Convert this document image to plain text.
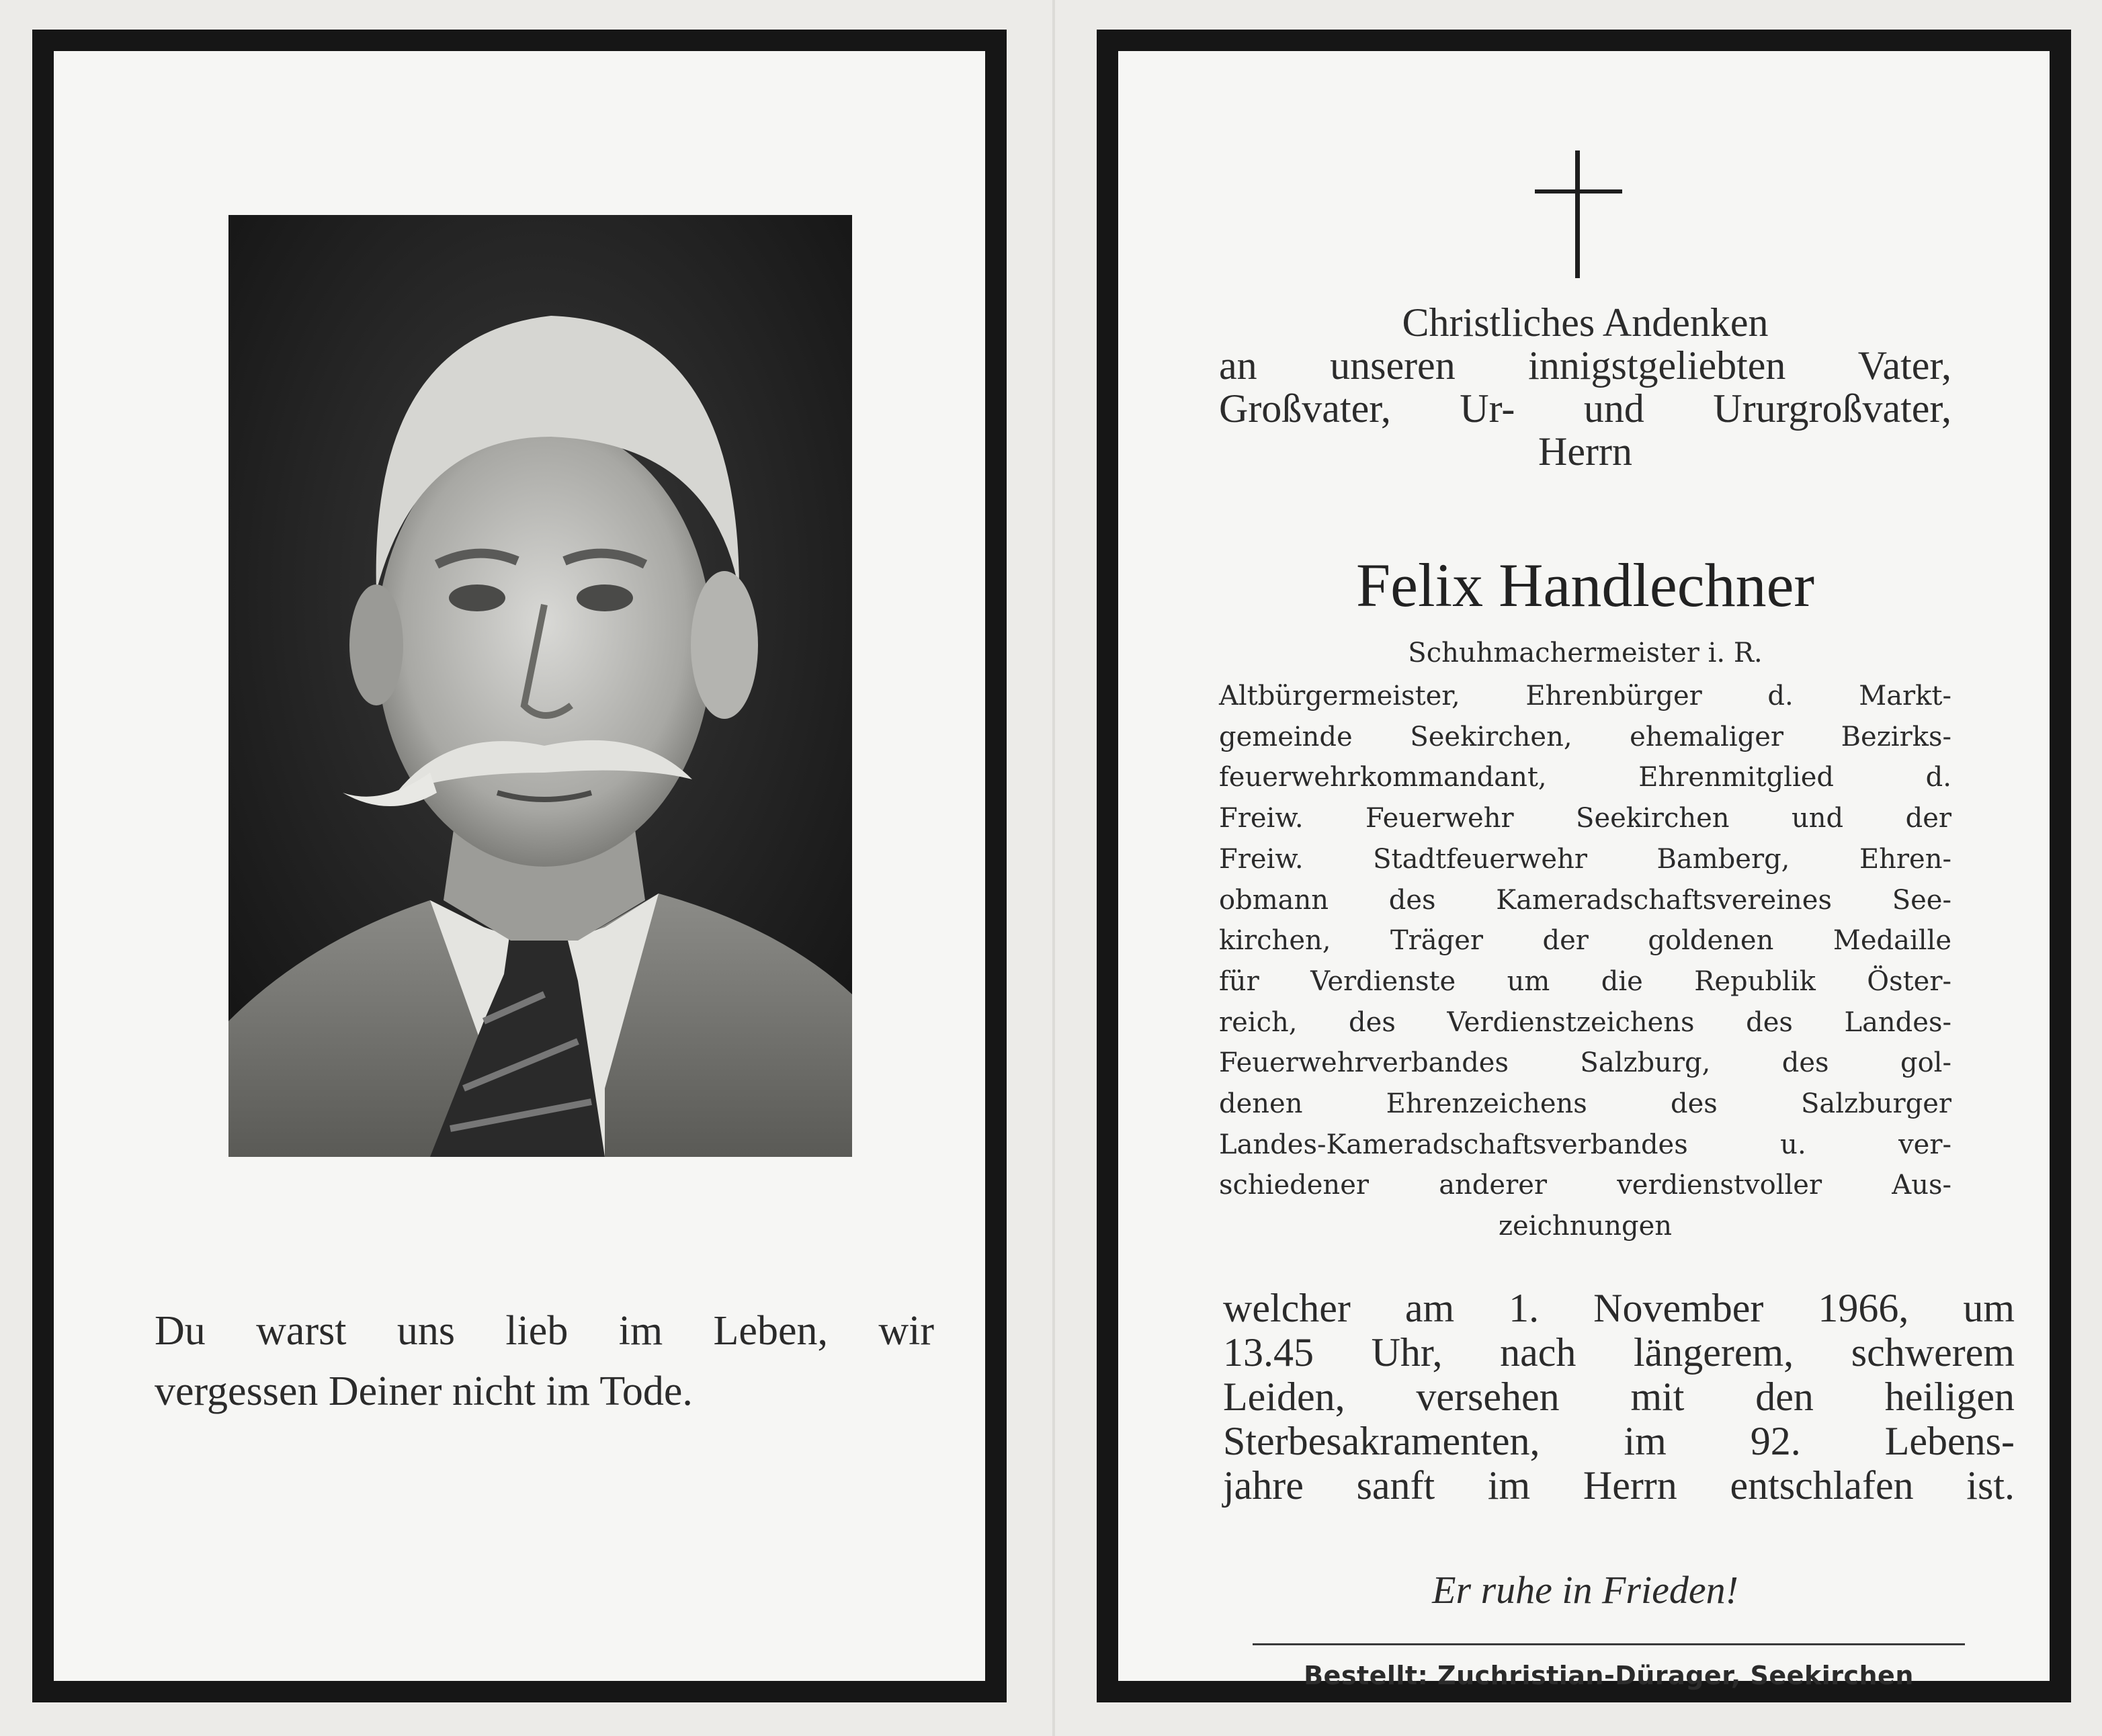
Du warst uns lieb im Leben, wir
vergessen Deiner nicht im Tode.
Christliches Andenken
an unseren innigstgeliebten Vater,
Großvater, Ur- und Ururgroßvater,
Herrn
Felix Handlechner
Schuhmachermeister i. R.
Altbürgermeister, Ehrenbürger d. Markt-
gemeinde Seekirchen, ehemaliger Bezirks-
feuerwehrkommandant, Ehrenmitglied d.
Freiw. Feuerwehr Seekirchen und der
Freiw. Stadtfeuerwehr Bamberg, Ehren-
obmann des Kameradschaftsvereines See-
kirchen, Träger der goldenen Medaille
für Verdienste um die Republik Öster-
reich, des Verdienstzeichens des Landes-
Feuerwehrverbandes Salzburg, des gol-
denen Ehrenzeichens des Salzburger
Landes-Kameradschaftsverbandes u. ver-
schiedener anderer verdienstvoller Aus-
zeichnungen
welcher am 1. November 1966, um
13.45 Uhr, nach längerem, schwerem
Leiden, versehen mit den heiligen
Sterbesakramenten, im 92. Lebens-
jahre sanft im Herrn entschlafen ist.
Er ruhe in Frieden!
Bestellt: Zuchristian-Dürager, Seekirchen
